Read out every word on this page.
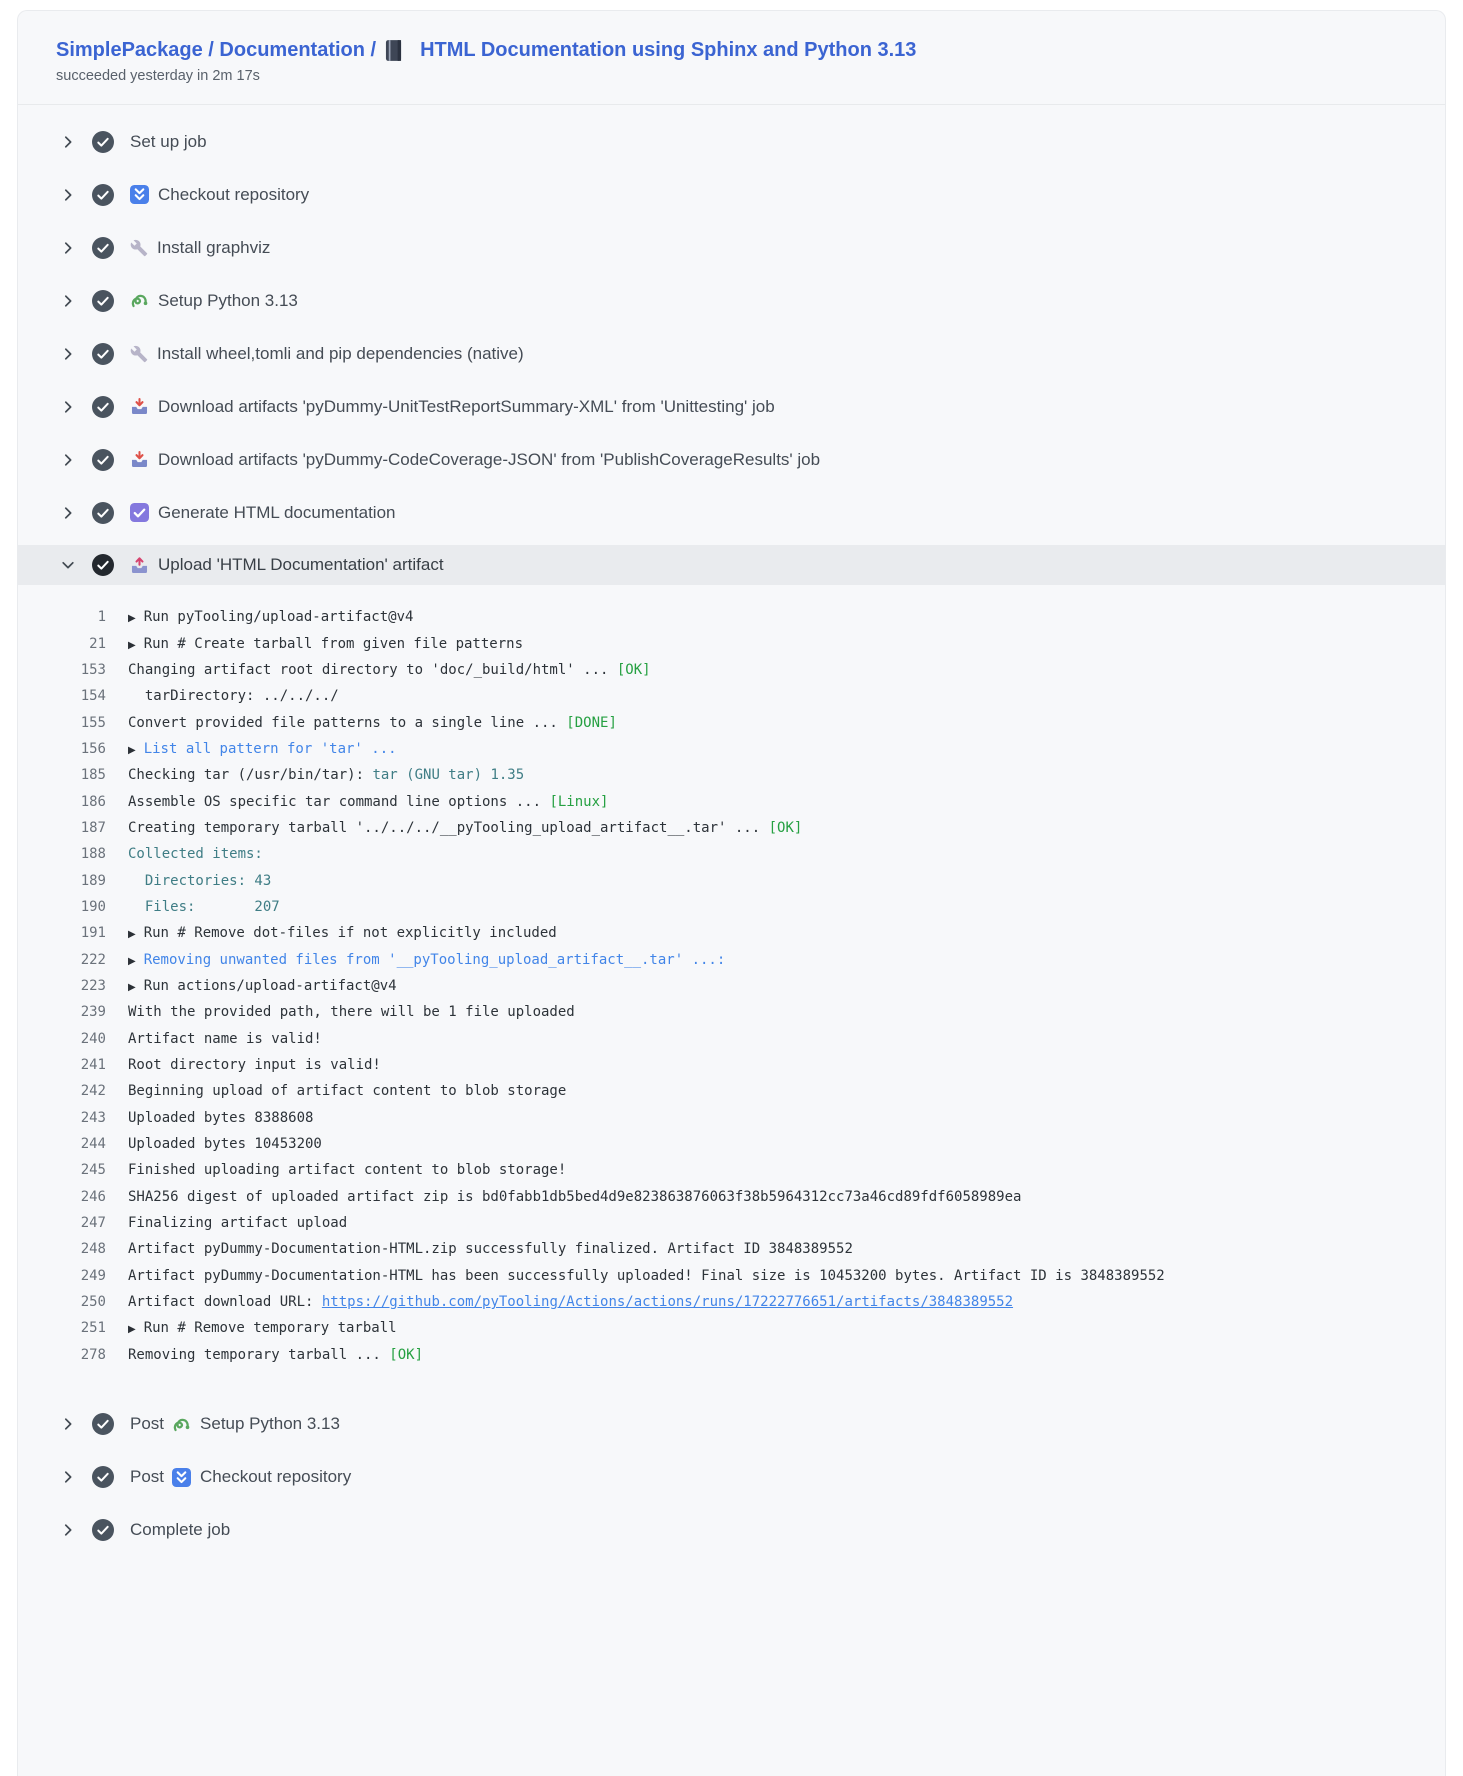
SimplePackage / Documentation / HTML Documentation using Sphinx and Python 3.13
succeeded yesterday in 2m 17s
Set up job
Checkout repository
Install graphviz
Setup Python 3.13
Install wheel,tomli and pip dependencies (native)
Download artifacts 'pyDummy-UnitTestReportSummary-XML' from 'Unittesting' job
Download artifacts 'pyDummy-CodeCoverage-JSON' from 'PublishCoverageResults' job
Generate HTML documentation
Upload 'HTML Documentation' artifact
1 ▶ Run pyTooling/upload-artifact@v4
21 ▶ Run # Create tarball from given file patterns
153 Changing artifact root directory to 'doc/_build/html' ... [OK]
154 tarDirectory: ../../../
155 Convert provided file patterns to a single line ... [DONE]
156 ▶ List all pattern for 'tar' ...
185 Checking tar (/usr/bin/tar): tar (GNU tar) 1.35
186 Assemble OS specific tar command line options ... [Linux]
187 Creating temporary tarball '../../../__pyTooling_upload_artifact__.tar' ... [OK]
188 Collected items:
189 Directories: 43
190 Files:       207
191 ▶ Run # Remove dot-files if not explicitly included
222 ▶ Removing unwanted files from '__pyTooling_upload_artifact__.tar' ...:
223 ▶ Run actions/upload-artifact@v4
239 With the provided path, there will be 1 file uploaded
240 Artifact name is valid!
241 Root directory input is valid!
242 Beginning upload of artifact content to blob storage
243 Uploaded bytes 8388608
244 Uploaded bytes 10453200
245 Finished uploading artifact content to blob storage!
246 SHA256 digest of uploaded artifact zip is bd0fabb1db5bed4d9e823863876063f38b5964312cc73a46cd89fdf6058989ea
247 Finalizing artifact upload
248 Artifact pyDummy-Documentation-HTML.zip successfully finalized. Artifact ID 3848389552
249 Artifact pyDummy-Documentation-HTML has been successfully uploaded! Final size is 10453200 bytes. Artifact ID is 3848389552
250 Artifact download URL: https://github.com/pyTooling/Actions/actions/runs/17222776651/artifacts/3848389552
251 ▶ Run # Remove temporary tarball
278 Removing temporary tarball ... [OK]
Post Setup Python 3.13
Post Checkout repository
Complete job
